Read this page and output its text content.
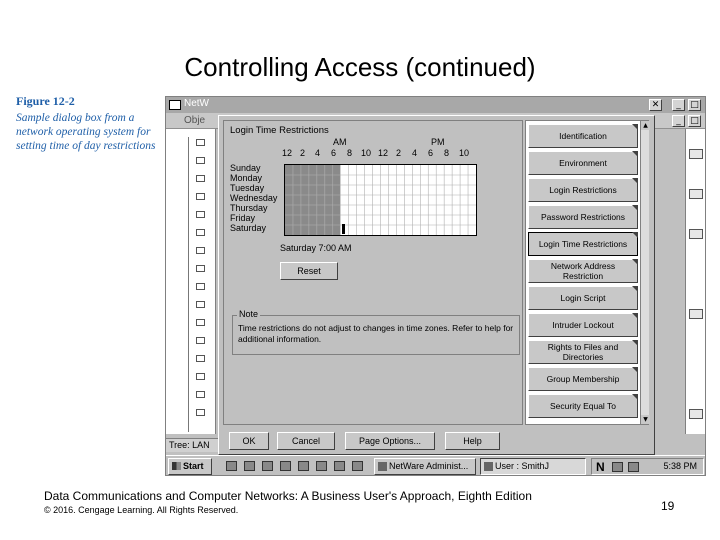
Controlling Access (continued)
Figure 12-2
Sample dialog box from a network operating system for setting time of day restrictions
NetW	✕	_	□
Obje	_	□
Tree: LAN
Login Time Restrictions
AM	PM
12 2 4 6 8 10 12 2 4 6 8 10
Sunday
Monday
Tuesday
Wednesday
Thursday
Friday
Saturday
Saturday 7:00 AM
Reset
Note
Time restrictions do not adjust to changes in time zones. Refer to help for additional information.
Identification
Environment
Login Restrictions
Password Restrictions
Login Time Restrictions
Network Address Restriction
Login Script
Intruder Lockout
Rights to Files and Directories
Group Membership
Security Equal To
▲
▼
OK	Cancel	Page Options...	Help
Start	NetWare Administ...	User : SmithJ	N	5:38 PM
Data Communications and Computer Networks: A Business User's Approach, Eighth Edition
© 2016. Cengage Learning. All Rights Reserved.	19
